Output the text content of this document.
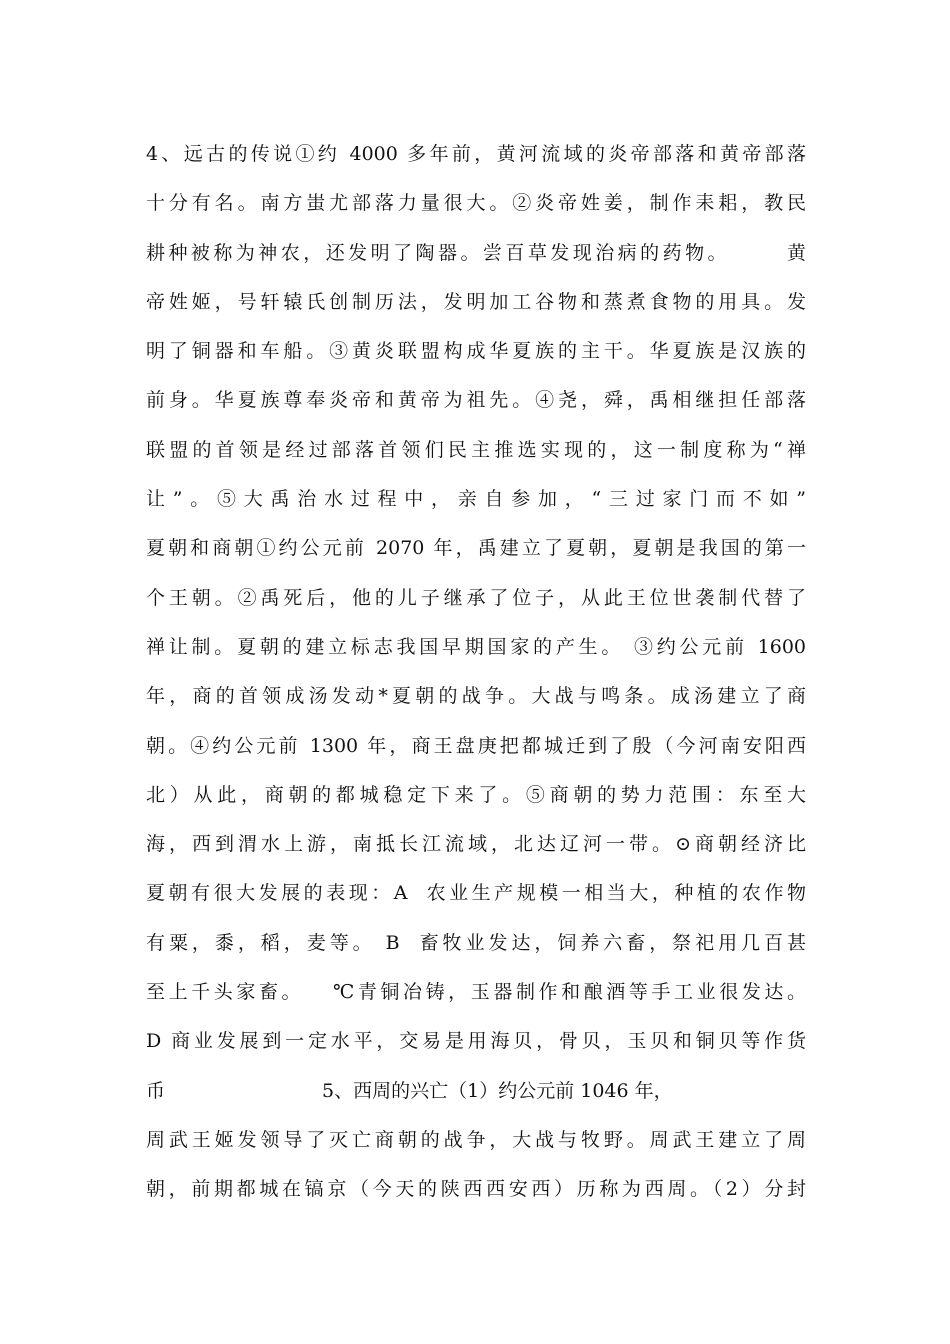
4、远古的传说①约 4000 多年前，黄河流域的炎帝部落和黄帝部落
十分有名。南方蚩尤部落力量很大。②炎帝姓姜，制作耒耜，教民
耕种被称为神农，还发明了陶器。尝百草发现治病的药物。      黄
帝姓姬，号轩辕氏创制历法，发明加工谷物和蒸煮食物的用具。发
明了铜器和车船。③黄炎联盟构成华夏族的主干。华夏族是汉族的
前身。华夏族尊奉炎帝和黄帝为祖先。④尧，舜，禹相继担任部落
联盟的首领是经过部落首领们民主推选实现的，这一制度称为“禅
让”。⑤大禹治水过程中，亲自参加，“三过家门而不如”
夏朝和商朝①约公元前 2070 年，禹建立了夏朝，夏朝是我国的第一
个王朝。②禹死后，他的儿子继承了位子，从此王位世袭制代替了
禅让制。夏朝的建立标志我国早期国家的产生。 ③约公元前 1600
年，商的首领成汤发动*夏朝的战争。大战与鸣条。成汤建立了商
朝。④约公元前 1300 年，商王盘庚把都城迁到了殷（今河南安阳西
北）从此，商朝的都城稳定下来了。⑤商朝的势力范围：东至大
海，西到渭水上游，南抵长江流域，北达辽河一带。⊙商朝经济比
夏朝有很大发展的表现：A  农业生产规模一相当大，种植的农作物
有粟，黍，稻，麦等。 B  畜牧业发达，饲养六畜，祭祀用几百甚
至上千头家畜。   ℃青铜冶铸，玉器制作和酿酒等手工业很发达。
D 商业发展到一定水平，交易是用海贝，骨贝，玉贝和铜贝等作货
币                          5、西周的兴亡（1）约公元前 1046 年，
周武王姬发领导了灭亡商朝的战争，大战与牧野。周武王建立了周
朝，前期都城在镐京（今天的陕西西安西）历称为西周。（2）分封
